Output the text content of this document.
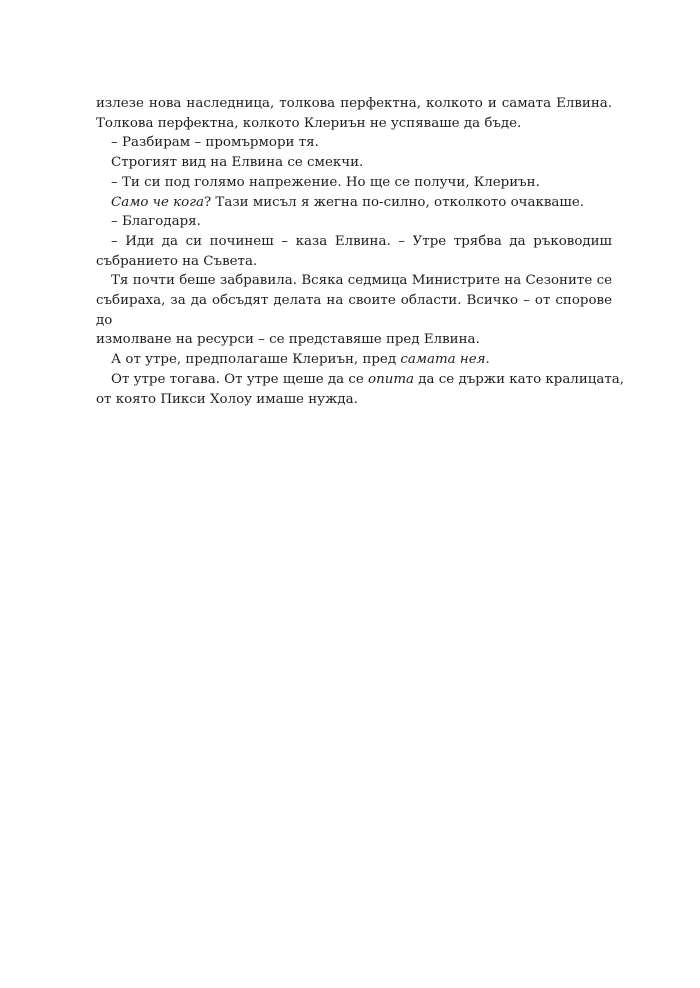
излезе нова наследница, толкова перфектна, колкото и самата Елвина.

Толкова перфектна, колкото Клериън не успяваше да бъде.

– Разбирам – промърмори тя.

Строгият вид на Елвина се смекчи.

– Ти си под голямо напрежение. Но ще се получи, Клериън.

Само че кога? Тази мисъл я жегна по-силно, отколкото очакваше.

– Благодаря.

– Иди да си починеш – каза Елвина. – Утре трябва да ръководиш

събранието на Съвета.

Тя почти беше забравила. Всяка седмица Министрите на Сезоните се

събираха, за да обсъдят делата на своите области. Всичко – от спорове до

измолване на ресурси – се представяше пред Елвина.

А от утре, предполагаше Клериън, пред самата нея.

От утре тогава. От утре щеше да се опита да се държи като кралицата,

от която Пикси Холоу имаше нужда.
